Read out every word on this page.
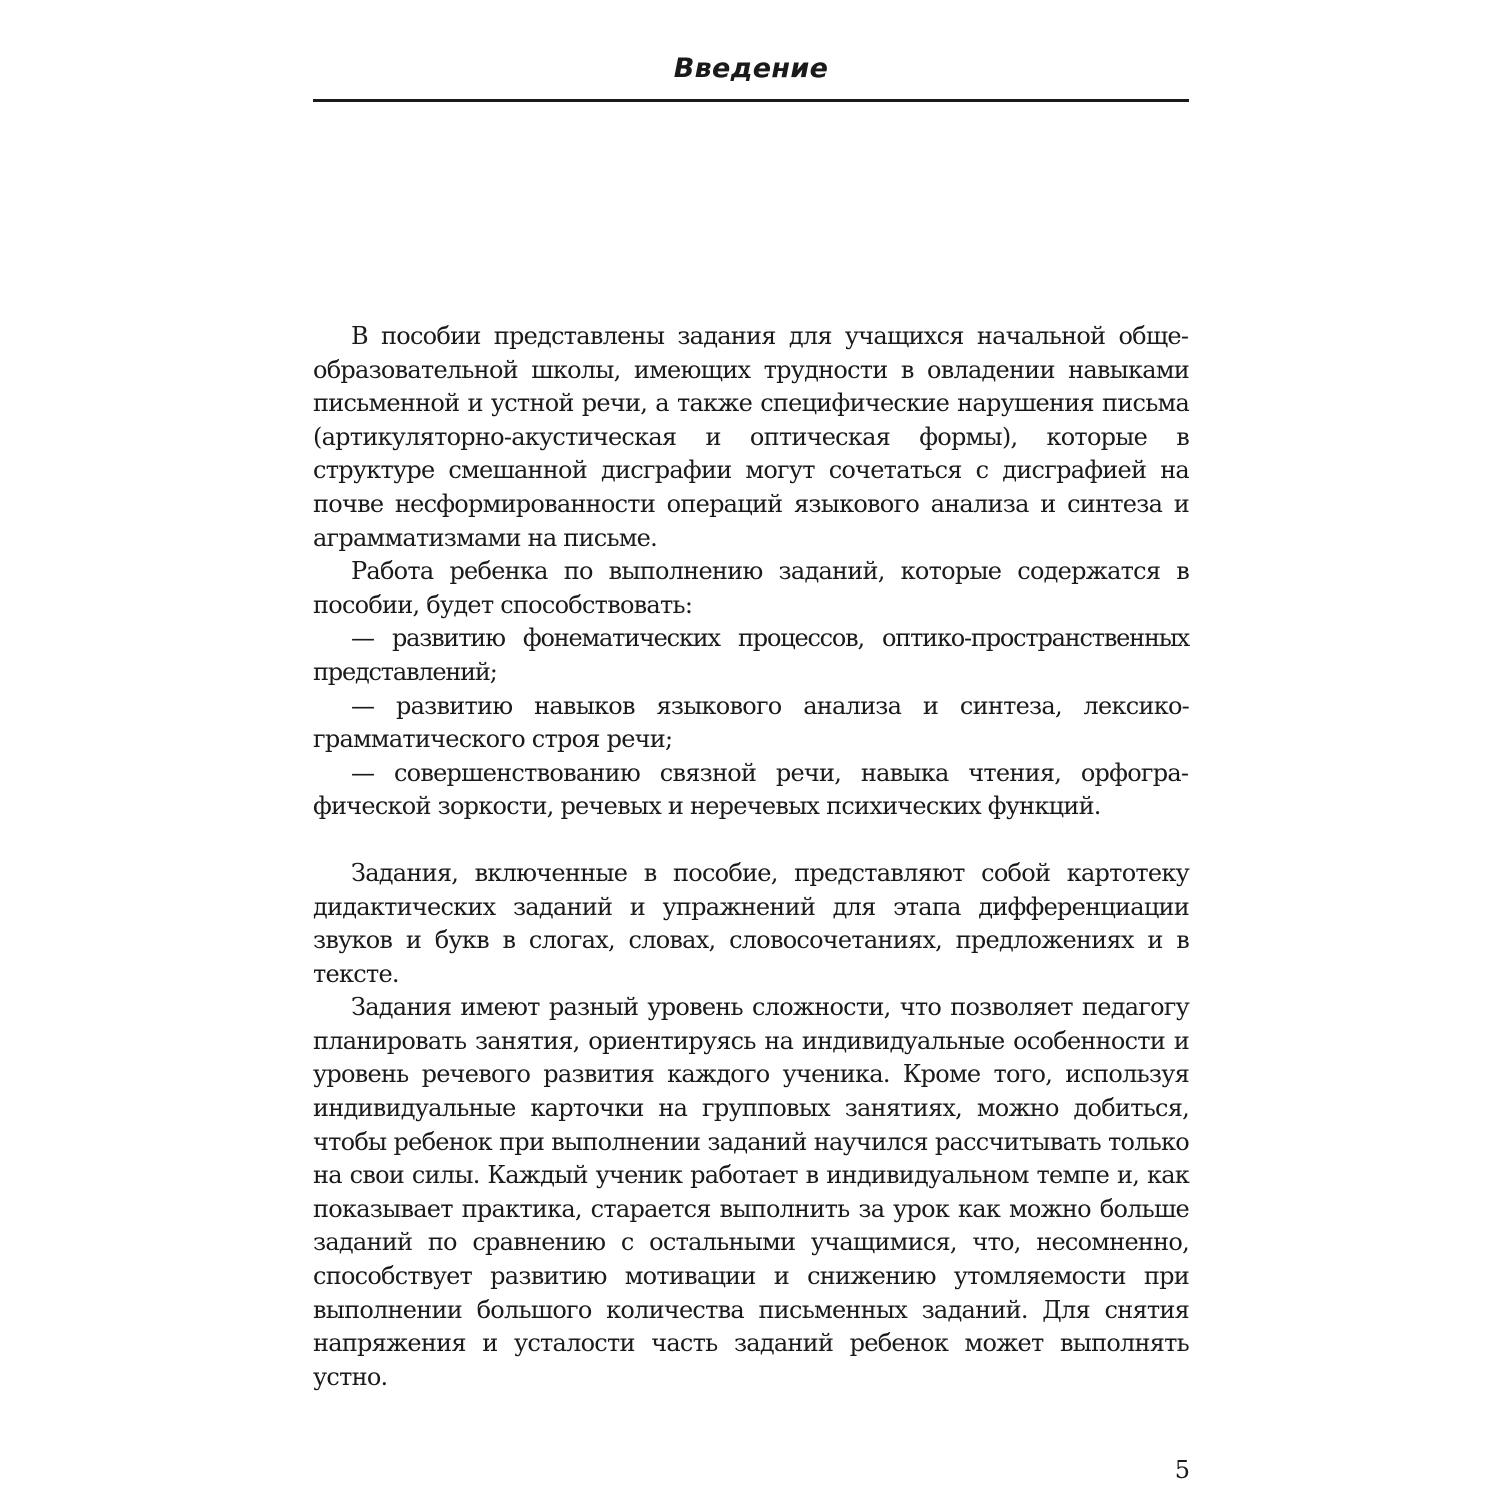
Введение

В пособии представлены задания для учащихся начальной общеобразовательной школы, имеющих трудности в овладении навыками письменной и устной речи, а также специфические нарушения письма (артикуляторно-акустическая и оптическая формы), которые в структуре смешанной дисграфии могут сочетаться с дисграфией на почве несформированности операций языкового анализа и синтеза и аграмматизмами на письме.

Работа ребенка по выполнению заданий, которые содержатся в пособии, будет способствовать:

— развитию фонематических процессов, оптико-пространственных представлений;

— развитию навыков языкового анализа и синтеза, лексико-грамматического строя речи;

— совершенствованию связной речи, навыка чтения, орфографической зоркости, речевых и неречевых психических функций.

Задания, включенные в пособие, представляют собой картотеку дидактических заданий и упражнений для этапа дифференциации звуков и букв в слогах, словах, словосочетаниях, предложениях и в тексте.

Задания имеют разный уровень сложности, что позволяет педагогу планировать занятия, ориентируясь на индивидуальные особенности и уровень речевого развития каждого ученика. Кроме того, используя индивидуальные карточки на групповых занятиях, можно добиться, чтобы ребенок при выполнении заданий научился рассчитывать только на свои силы. Каждый ученик работает в индивидуальном темпе и, как показывает практика, старается выполнить за урок как можно больше заданий по сравнению с остальными учащимися, что, несомненно, способствует развитию мотивации и снижению утомляемости при выполнении большого количества письменных заданий. Для снятия напряжения и усталости часть заданий ребенок может выполнять устно.

5
